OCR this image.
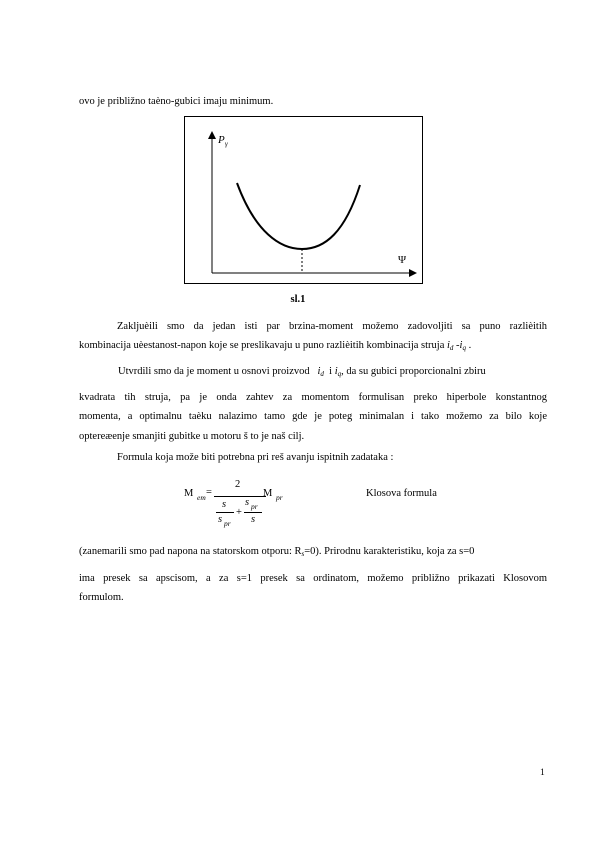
ovo je približno taèno-gubici imaju minimum.
P γ
Ψ
sl.1
Zakljuèili smo da jedan isti par brzina-moment možemo zadovoljiti sa puno razlièitih
kombinacija uèestanost-napon koje se preslikavaju u puno razlièitih kombinacija struja $i_d$ $-i_q$ .
Utvrdili smo da je moment u osnovi proizvod $i_d$ i $i_q$, da su gubici proporcionalni zbiru
kvadrata tih struja, pa je onda zahtev za momentom formulisan preko hiperbole konstantnog
momenta, a optimalnu taèku nalazimo tamo gde je poteg minimalan i tako možemo za bilo koje
optereæenje smanjiti gubitke u motoru š to je naš cilj.
Formula koja može biti potrebna pri reš avanju ispitnih zadataka :
M em =
2
M pr
s
s pr
+
s pr
s
Klosova formula
(zanemarili smo pad napona na statorskom otporu: $R_s=0$). Prirodnu karakteristiku, koja za s=0
ima presek sa apscisom, a za s=1 presek sa ordinatom, možemo približno prikazati Klosovom
formulom.
1
